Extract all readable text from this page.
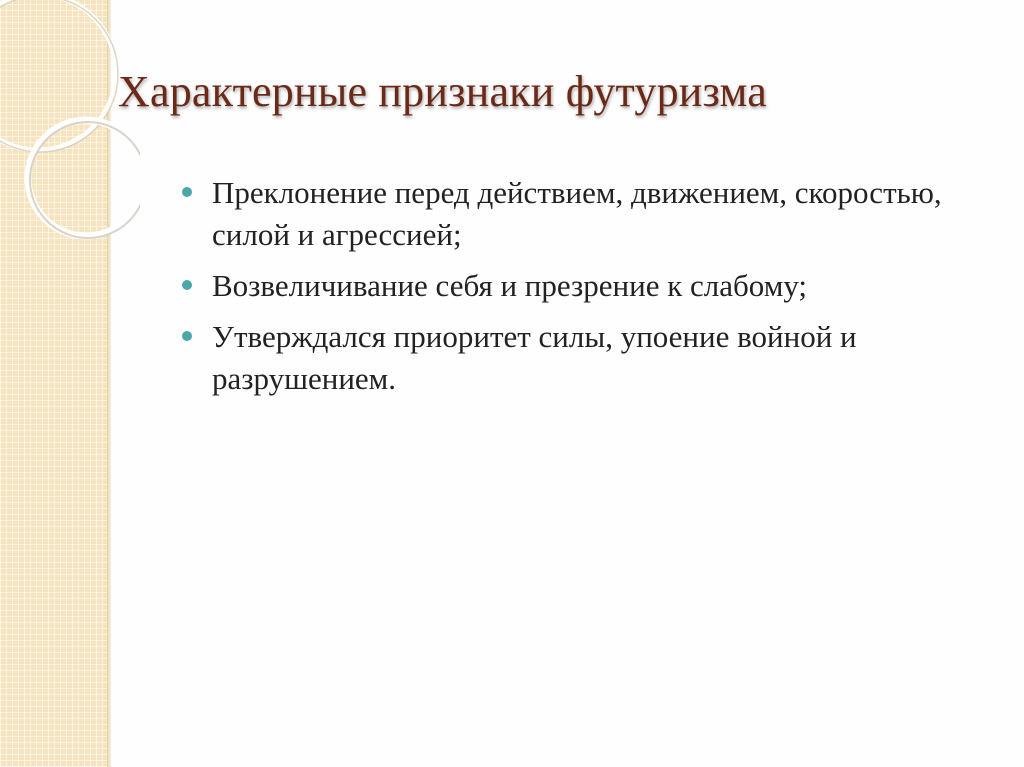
Характерные признаки футуризма
Преклонение перед действием, движением, скоростью, силой и агрессией;
Возвеличивание себя и презрение к слабому;
Утверждался приоритет силы, упоение войной и разрушением.
